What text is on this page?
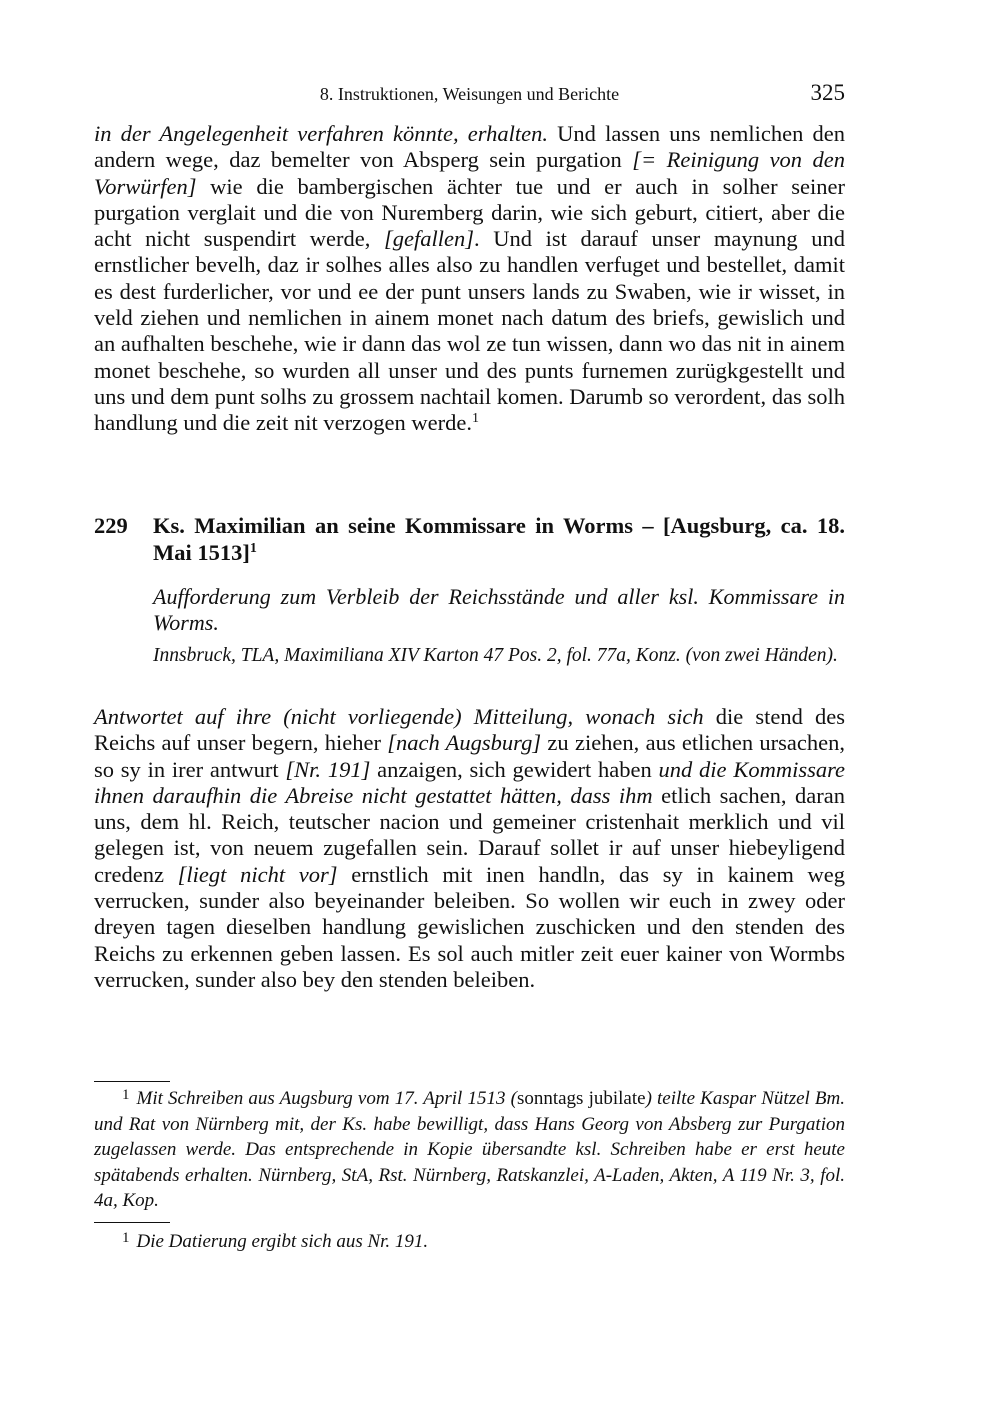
8. Instruktionen, Weisungen und Berichte	325

in der Angelegenheit verfahren könnte, erhalten. Und lassen uns nemlichen den andern wege, daz bemelter von Absperg sein purgation [= Reinigung von den Vorwürfen] wie die bambergischen ächter tue und er auch in solher seiner purgation verglait und die von Nuremberg darin, wie sich geburt, citiert, aber die acht nicht suspendirt werde, [gefallen]. Und ist darauf unser maynung und ernstlicher bevelh, daz ir solhes alles also zu handlen verfuget und bestellet, damit es dest furderlicher, vor und ee der punt unsers lands zu Swaben, wie ir wisset, in veld ziehen und nemlichen in ainem monet nach datum des briefs, gewislich und an aufhalten beschehe, wie ir dann das wol ze tun wissen, dann wo das nit in ainem monet beschehe, so wurden all unser und des punts furnemen zurügkgestellt und uns und dem punt solhs zu grossem nachtail komen. Darumb so verordent, das solh handlung und die zeit nit verzogen werde.$^1$

229 Ks. Maximilian an seine Kommissare in Worms – [Augsburg, ca. 18. Mai 1513]$^1$
Aufforderung zum Verbleib der Reichsstände und aller ksl. Kommissare in Worms.
Innsbruck, TLA, Maximiliana XIV Karton 47 Pos. 2, fol. 77a, Konz. (von zwei Händen).

Antwortet auf ihre (nicht vorliegende) Mitteilung, wonach sich die stend des Reichs auf unser begern, hieher [nach Augsburg] zu ziehen, aus etlichen ursachen, so sy in irer antwurt [Nr. 191] anzaigen, sich gewidert haben und die Kommissare ihnen daraufhin die Abreise nicht gestattet hätten, dass ihm etlich sachen, daran uns, dem hl. Reich, teutscher nacion und gemeiner cristenhait merklich und vil gelegen ist, von neuem zugefallen sein. Darauf sollet ir auf unser hiebeyligend credenz [liegt nicht vor] ernstlich mit inen handln, das sy in kainem weg verrucken, sunder also beyeinander beleiben. So wollen wir euch in zwey oder dreyen tagen dieselben handlung gewislichen zuschicken und den stenden des Reichs zu erkennen geben lassen. Es sol auch mitler zeit euer kainer von Wormbs verrucken, sunder also bey den stenden beleiben.

$^1$ Mit Schreiben aus Augsburg vom 17. April 1513 (sonntags jubilate) teilte Kaspar Nützel Bm. und Rat von Nürnberg mit, der Ks. habe bewilligt, dass Hans Georg von Absberg zur Purgation zugelassen werde. Das entsprechende in Kopie übersandte ksl. Schreiben habe er erst heute spätabends erhalten. Nürnberg, StA, Rst. Nürnberg, Ratskanzlei, A-Laden, Akten, A 119 Nr. 3, fol. 4a, Kop.
$^1$ Die Datierung ergibt sich aus Nr. 191.
